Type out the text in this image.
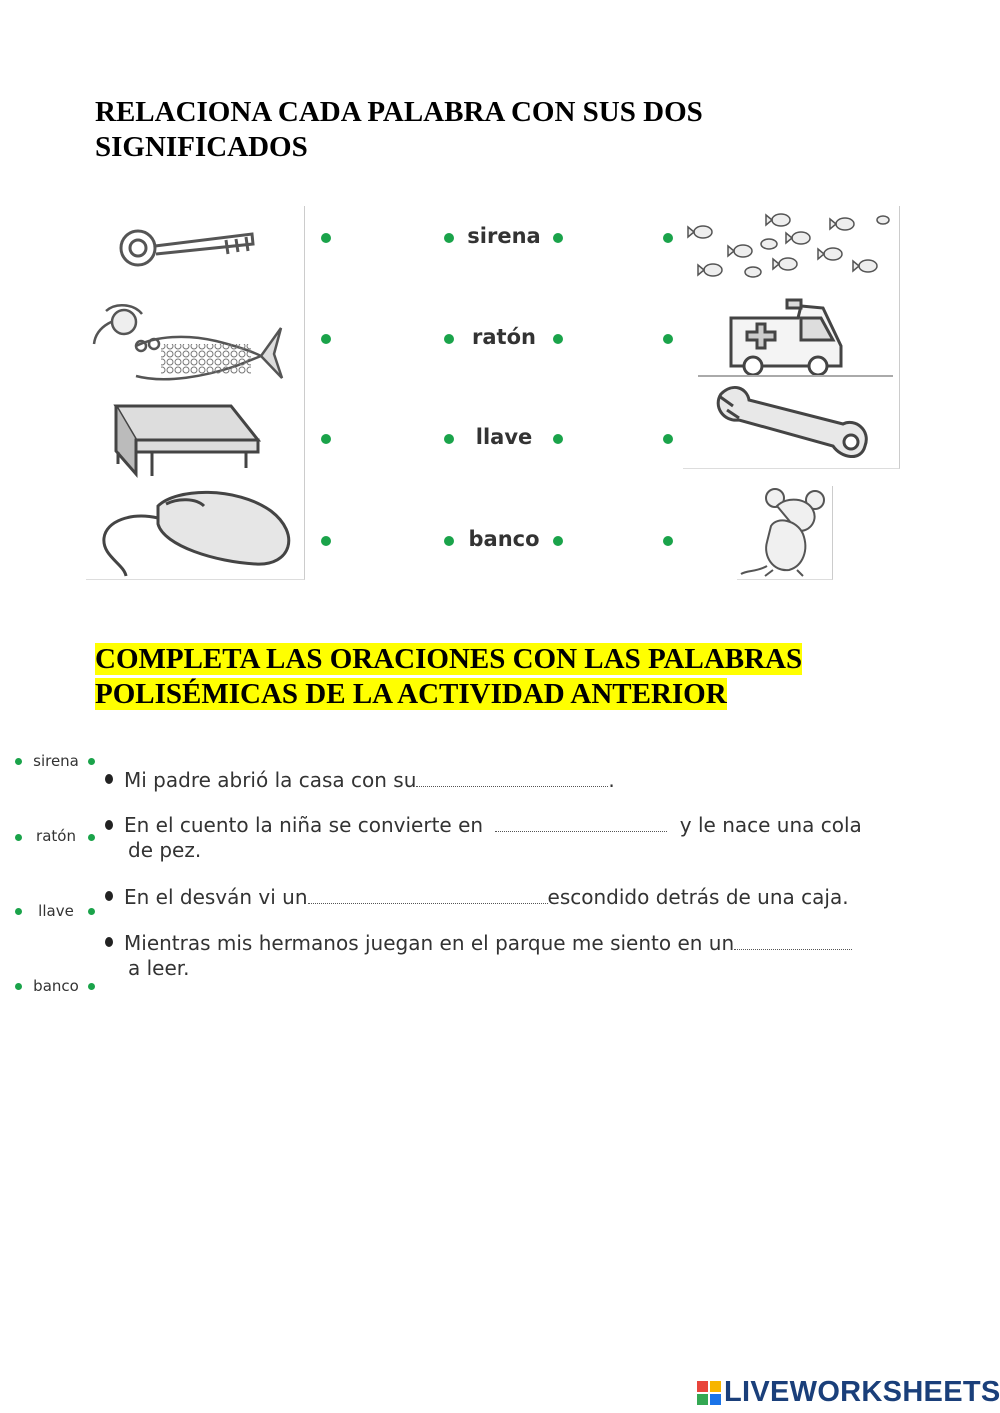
RELACIONA CADA PALABRA CON SUS DOS SIGNIFICADOS
sirena
ratón
llave
banco
COMPLETA LAS ORACIONES CON LAS PALABRAS POLISÉMICAS DE LA ACTIVIDAD ANTERIOR
sirena
ratón
llave
banco
Mi padre abrió la casa con su	.
En el cuento la niña se convierte en	y le nace una cola
de pez.
En el desván vi un	escondido detrás de una caja.
Mientras mis hermanos juegan en el parque me siento en un
a leer.
LIVEWORKSHEETS
